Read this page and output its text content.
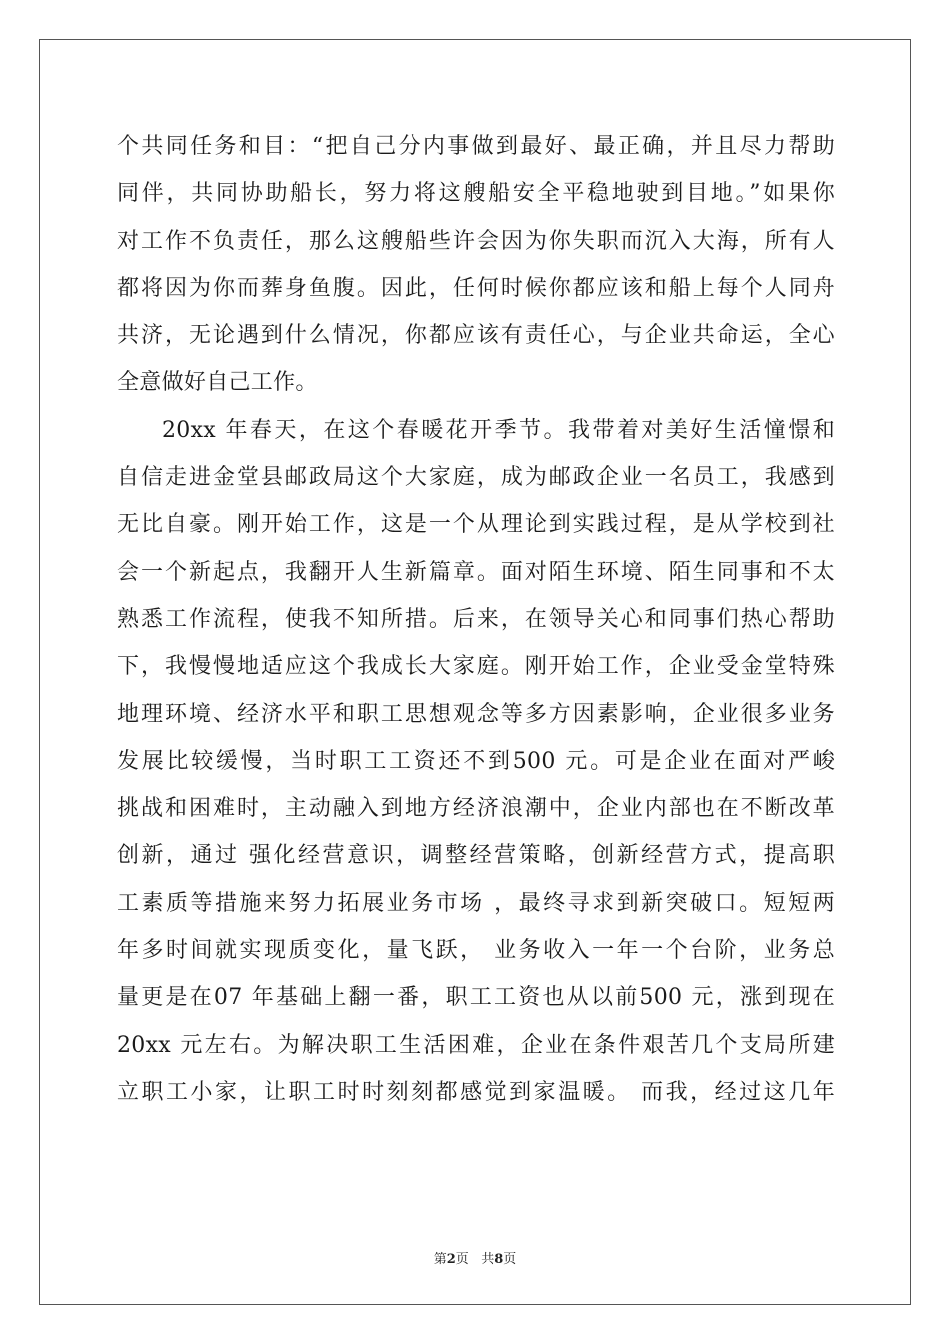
个共同任务和目：“把自己分内事做到最好、最正确，并且尽力帮助
同伴，共同协助船长，努力将这艘船安全平稳地驶到目地。”如果你
对工作不负责任，那么这艘船些许会因为你失职而沉入大海，所有人
都将因为你而葬身鱼腹。因此，任何时候你都应该和船上每个人同舟
共济，无论遇到什么情况，你都应该有责任心，与企业共命运，全心
全意做好自己工作。
20xx 年春天，在这个春暖花开季节。我带着对美好生活憧憬和
自信走进金堂县邮政局这个大家庭，成为邮政企业一名员工，我感到
无比自豪。刚开始工作，这是一个从理论到实践过程，是从学校到社
会一个新起点，我翻开人生新篇章。面对陌生环境、陌生同事和不太
熟悉工作流程，使我不知所措。后来，在领导关心和同事们热心帮助
下，我慢慢地适应这个我成长大家庭。刚开始工作，企业受金堂特殊
地理环境、经济水平和职工思想观念等多方因素影响，企业很多业务
发展比较缓慢，当时职工工资还不到500 元。可是企业在面对严峻
挑战和困难时，主动融入到地方经济浪潮中，企业内部也在不断改革
创新，通过 强化经营意识，调整经营策略，创新经营方式，提高职
工素质等措施来努力拓展业务市场 ，最终寻求到新突破口。短短两
年多时间就实现质变化，量飞跃， 业务收入一年一个台阶，业务总
量更是在07 年基础上翻一番，职工工资也从以前500 元，涨到现在
20xx 元左右。为解决职工生活困难，企业在条件艰苦几个支局所建
立职工小家，让职工时时刻刻都感觉到家温暖。 而我，经过这几年
第2页 共8页
